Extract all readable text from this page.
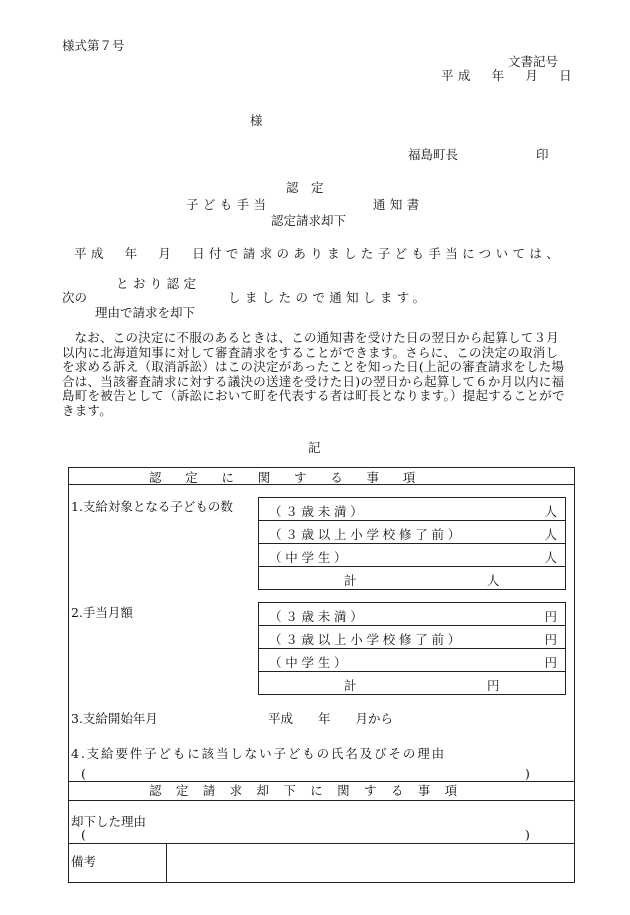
様式第７号
文書記号
平成　年　月　日
様
福島町長	印
認　定
子ども手当	通知書
認定請求却下
平成　年　月　日付で請求のありました子ども手当については、
とおり認定
次の	しましたので通知します。
理由で請求を却下
なお、この決定に不服のあるときは、この通知書を受けた日の翌日から起算して３月以内に北海道知事に対して審査請求をすることができます。さらに、この決定の取消しを求める訴え（取消訴訟）はこの決定があったことを知った日(上記の審査請求をした場合は、当該審査請求に対する議決の送達を受けた日)の翌日から起算して６か月以内に福島町を被告として（訴訟において町を代表する者は町長となります。）提起することができます。
記
認定に関する事項
1.支給対象となる子どもの数	（３歳未満）	人
（３歳以上小学校修了前）	人
（中学生）	人
計	人
2.手当月額	（３歳未満）	円
（３歳以上小学校修了前）	円
（中学生）	円
計	円
3.支給開始年月	平成　　年　　月から
4.支給要件子どもに該当しない子どもの氏名及びその理由
(	)
認定請求却下に関する事項
却下した理由
(	)
備考
